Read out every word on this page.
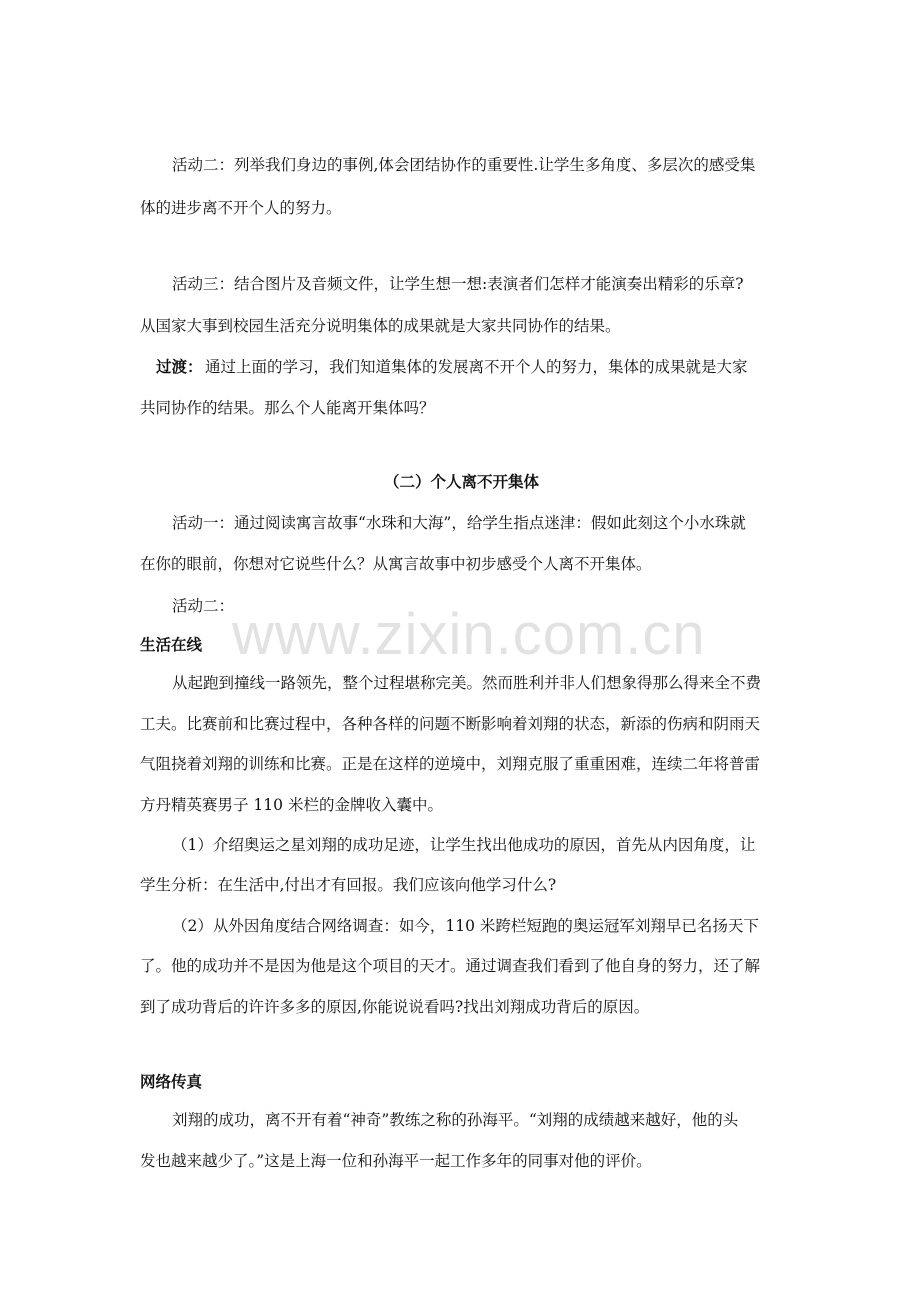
www.zixin.com.cn
活动二：列举我们身边的事例,体会团结协作的重要性.让学生多角度、多层次的感受集
体的进步离不开个人的努力。
活动三：结合图片及音频文件，让学生想一想:表演者们怎样才能演奏出精彩的乐章?
从国家大事到校园生活充分说明集体的成果就是大家共同协作的结果。
过渡： 通过上面的学习，我们知道集体的发展离不开个人的努力，集体的成果就是大家
共同协作的结果。那么个人能离开集体吗？
（二）个人离不开集体
活动一：通过阅读寓言故事“水珠和大海”，给学生指点迷津：假如此刻这个小水珠就
在你的眼前，你想对它说些什么？从寓言故事中初步感受个人离不开集体。
活动二：
生活在线
从起跑到撞线一路领先，整个过程堪称完美。然而胜利并非人们想象得那么得来全不费
工夫。比赛前和比赛过程中，各种各样的问题不断影响着刘翔的状态，新添的伤病和阴雨天
气阻挠着刘翔的训练和比赛。正是在这样的逆境中，刘翔克服了重重困难，连续二年将普雷
方丹精英赛男子 110 米栏的金牌收入囊中。
（1）介绍奥运之星刘翔的成功足迹，让学生找出他成功的原因，首先从内因角度，让
学生分析：在生活中,付出才有回报。我们应该向他学习什么?
（2）从外因角度结合网络调查：如今，110 米跨栏短跑的奥运冠军刘翔早已名扬天下
了。他的成功并不是因为他是这个项目的天才。通过调查我们看到了他自身的努力，还了解
到了成功背后的许许多多的原因,你能说说看吗?找出刘翔成功背后的原因。
网络传真
刘翔的成功，离不开有着“神奇”教练之称的孙海平。“刘翔的成绩越来越好，他的头
发也越来越少了。”这是上海一位和孙海平一起工作多年的同事对他的评价。
